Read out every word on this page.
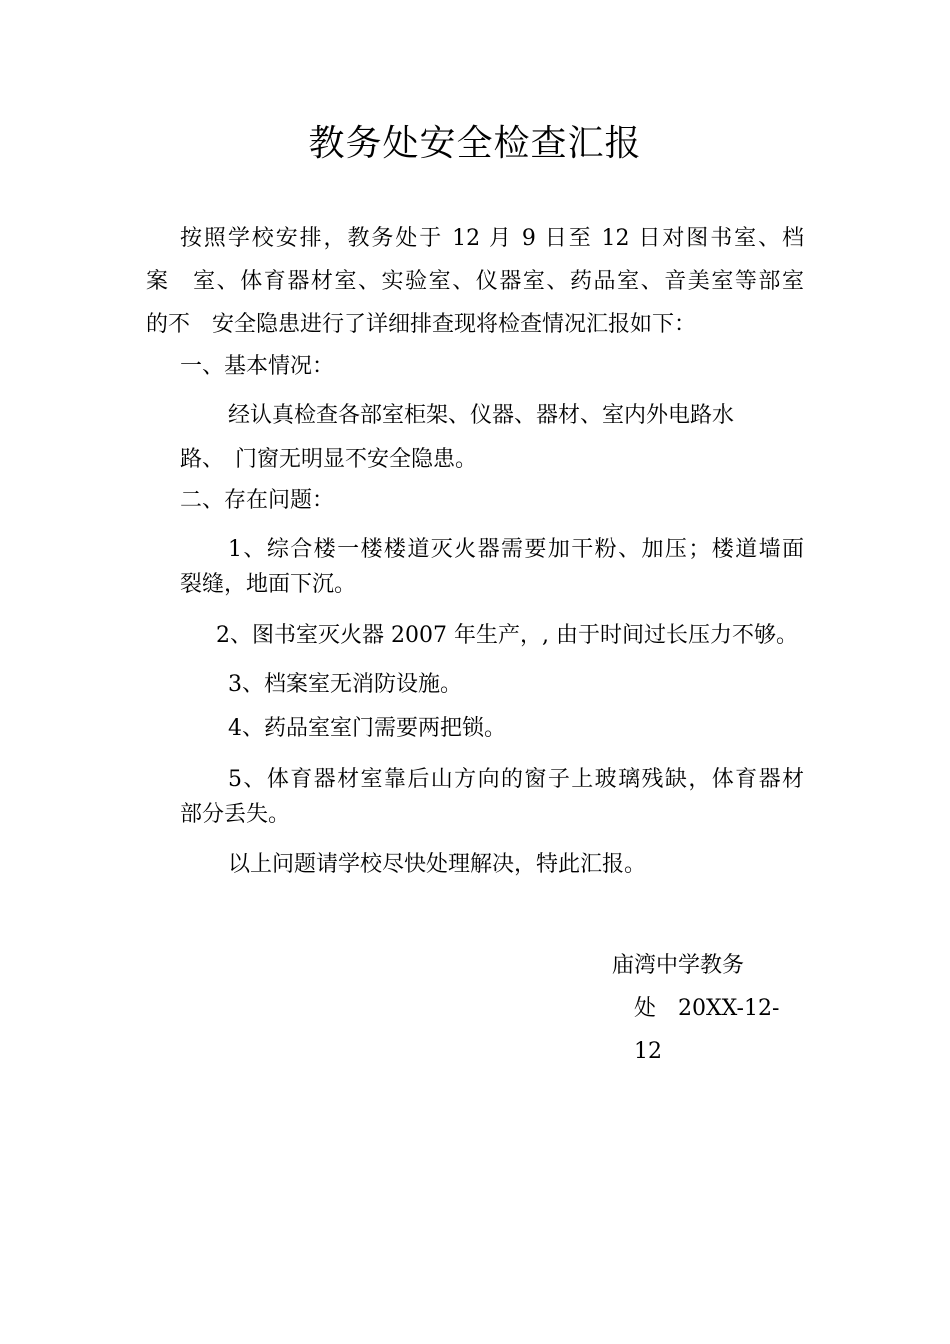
教务处安全检查汇报
按照学校安排，教务处于 12 月 9 日至 12 日对图书室、档
案　室、体育器材室、实验室、仪器室、药品室、音美室等部室
的不　安全隐患进行了详细排查现将检查情况汇报如下：
一、基本情况：
经认真检查各部室柜架、仪器、器材、室内外电路水
路、　门窗无明显不安全隐患。
二、存在问题：
1、综合楼一楼楼道灭火器需要加干粉、加压；楼道墙面
裂缝，地面下沉。
2、图书室灭火器 2007 年生产，, 由于时间过长压力不够。
3、档案室无消防设施。
4、药品室室门需要两把锁。
5、体育器材室靠后山方向的窗子上玻璃残缺，体育器材
部分丢失。
以上问题请学校尽快处理解决，特此汇报。
庙湾中学教务
处　20XX-12-
12
